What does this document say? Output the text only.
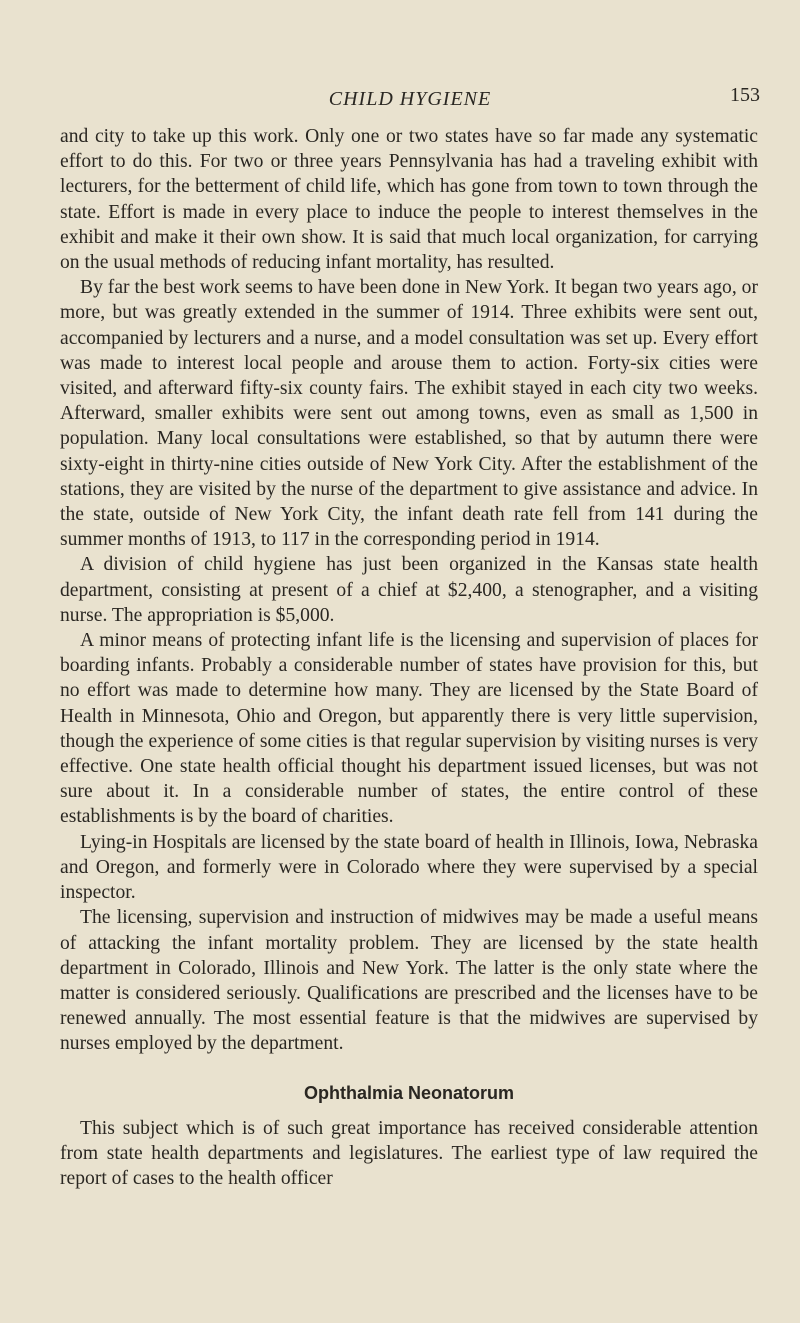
CHILD HYGIENE	153

and city to take up this work. Only one or two states have so far made any systematic effort to do this. For two or three years Pennsylvania has had a traveling exhibit with lecturers, for the betterment of child life, which has gone from town to town through the state. Effort is made in every place to induce the people to interest themselves in the exhibit and make it their own show. It is said that much local organization, for carrying on the usual methods of reducing infant mortality, has resulted.

By far the best work seems to have been done in New York. It began two years ago, or more, but was greatly extended in the summer of 1914. Three exhibits were sent out, accompanied by lecturers and a nurse, and a model consultation was set up. Every effort was made to interest local people and arouse them to action. Forty-six cities were visited, and afterward fifty-six county fairs. The exhibit stayed in each city two weeks. Afterward, smaller exhibits were sent out among towns, even as small as 1,500 in population. Many local consultations were established, so that by autumn there were sixty-eight in thirty-nine cities outside of New York City. After the establishment of the stations, they are visited by the nurse of the department to give assistance and advice. In the state, outside of New York City, the infant death rate fell from 141 during the summer months of 1913, to 117 in the corresponding period in 1914.

A division of child hygiene has just been organized in the Kansas state health department, consisting at present of a chief at $2,400, a stenographer, and a visiting nurse. The appropriation is $5,000.

A minor means of protecting infant life is the licensing and supervision of places for boarding infants. Probably a considerable number of states have provision for this, but no effort was made to determine how many. They are licensed by the State Board of Health in Minnesota, Ohio and Oregon, but apparently there is very little supervision, though the experience of some cities is that regular supervision by visiting nurses is very effective. One state health official thought his department issued licenses, but was not sure about it. In a considerable number of states, the entire control of these establishments is by the board of charities.

Lying-in Hospitals are licensed by the state board of health in Illinois, Iowa, Nebraska and Oregon, and formerly were in Colorado where they were supervised by a special inspector.

The licensing, supervision and instruction of midwives may be made a useful means of attacking the infant mortality problem. They are licensed by the state health department in Colorado, Illinois and New York. The latter is the only state where the matter is considered seriously. Qualifications are prescribed and the licenses have to be renewed annually. The most essential feature is that the midwives are supervised by nurses employed by the department.

Ophthalmia Neonatorum

This subject which is of such great importance has received considerable attention from state health departments and legislatures. The earliest type of law required the report of cases to the health officer
